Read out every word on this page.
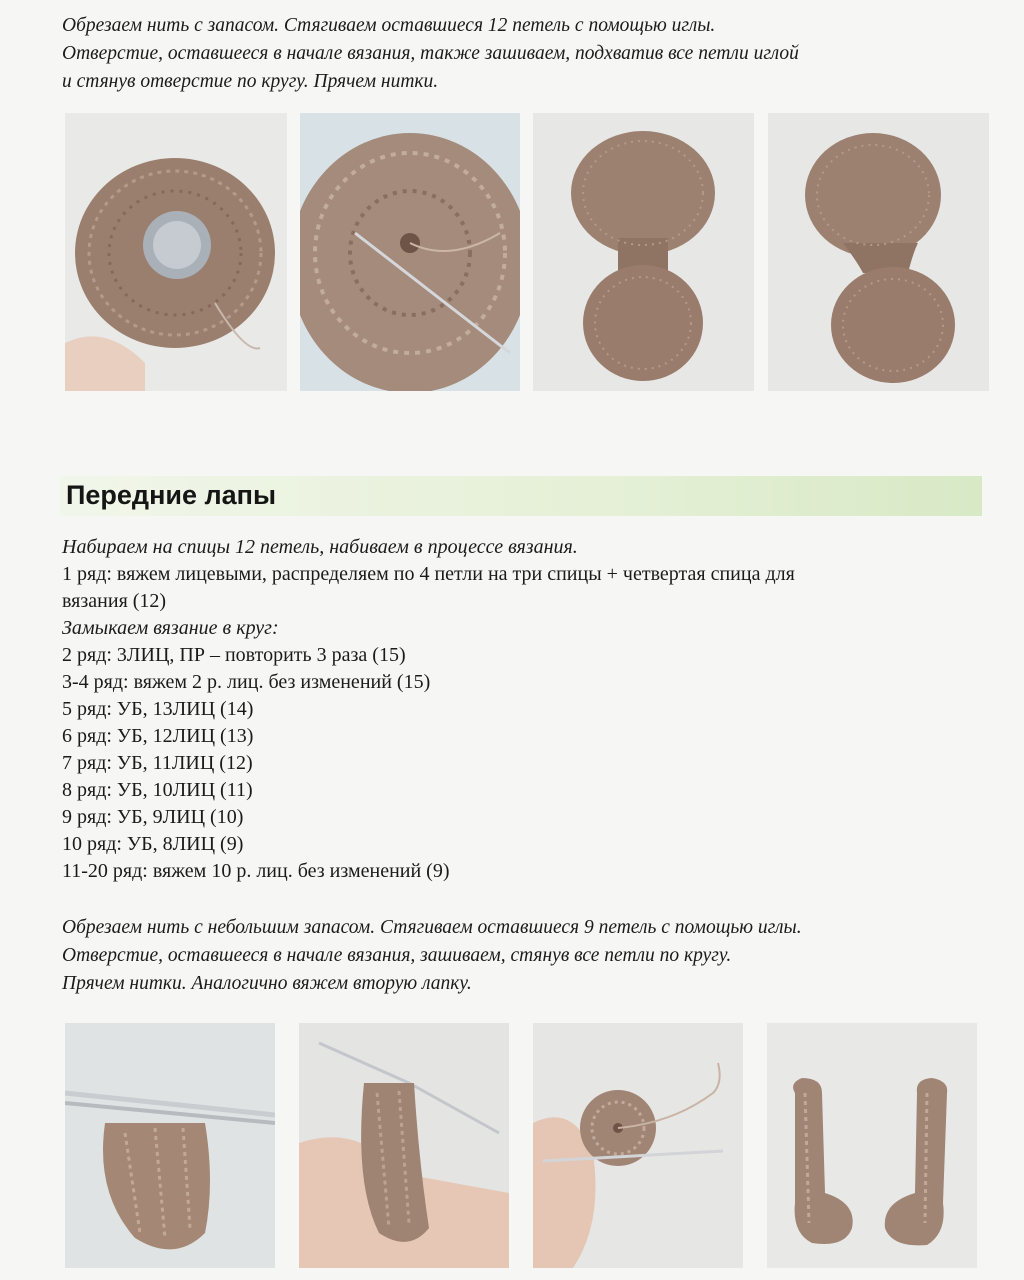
Обрезаем нить с запасом. Стягиваем оставшиеся 12 петель с помощью иглы.
Отверстие, оставшееся в начале вязания, также зашиваем, подхватив все петли иглой
и стянув отверстие по кругу. Прячем нитки.
Передние лапы

Набираем на спицы 12 петель, набиваем в процессе вязания.

1 ряд: вяжем лицевыми, распределяем по 4 петли на три спицы + четвертая спица для

вязания (12)

Замыкаем вязание в круг:

2 ряд: 3ЛИЦ, ПР – повторить 3 раза (15)

3-4 ряд: вяжем 2 р. лиц. без изменений (15)

5 ряд: УБ, 13ЛИЦ (14)

6 ряд: УБ, 12ЛИЦ (13)

7 ряд: УБ, 11ЛИЦ (12)

8 ряд: УБ, 10ЛИЦ (11)

9 ряд: УБ, 9ЛИЦ (10)

10 ряд: УБ, 8ЛИЦ (9)

11-20 ряд: вяжем 10 р. лиц. без изменений (9)

Обрезаем нить с небольшим запасом. Стягиваем оставшиеся 9 петель с помощью иглы.

Отверстие, оставшееся в начале вязания, зашиваем, стянув все петли по кругу.

Прячем нитки. Аналогично вяжем вторую лапку.
